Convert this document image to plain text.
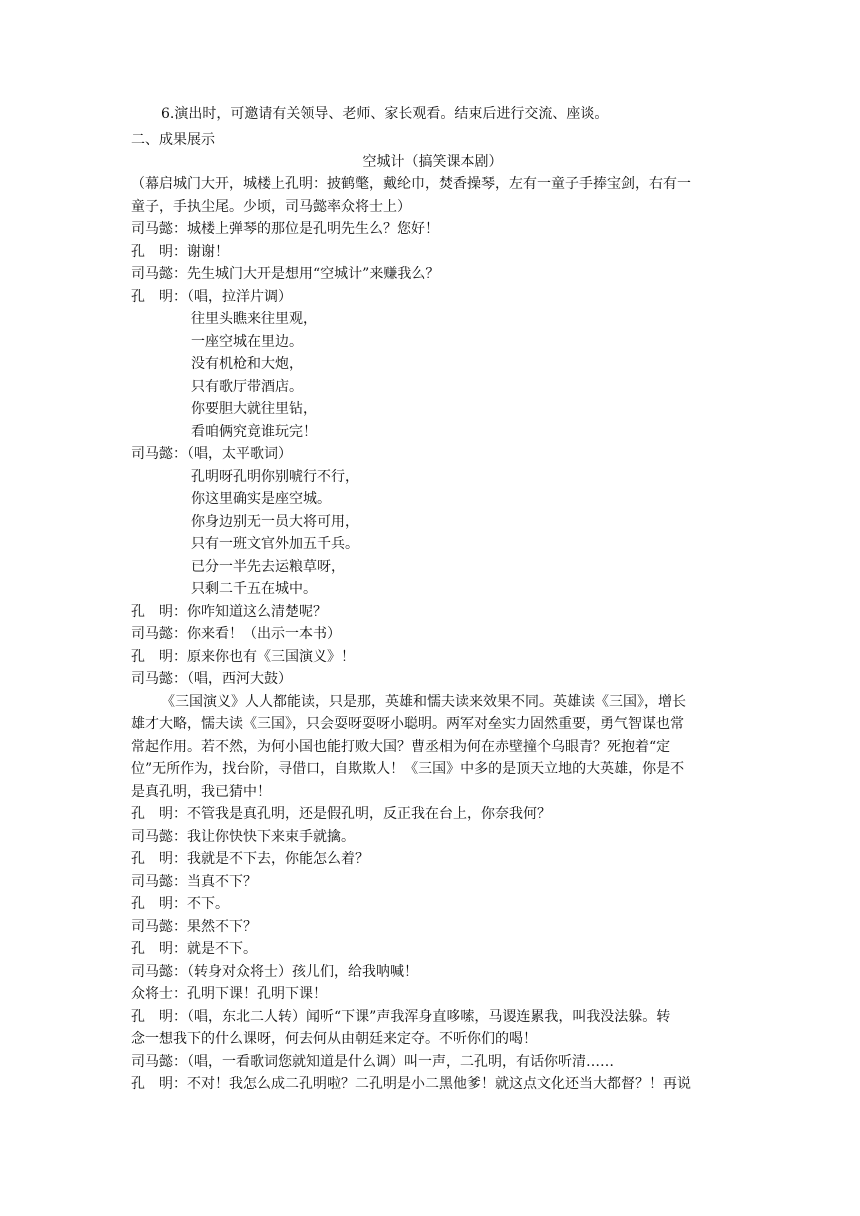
6.演出时，可邀请有关领导、老师、家长观看。结束后进行交流、座谈。
二、成果展示
空城计（搞笑课本剧）
（幕启城门大开，城楼上孔明：披鹤氅，戴纶巾，焚香操琴，左有一童子手捧宝剑，右有一
童子，手执尘尾。少顷，司马懿率众将士上）
司马懿：城楼上弹琴的那位是孔明先生么？您好！
孔　明：谢谢！
司马懿：先生城门大开是想用“空城计”来赚我么？
孔　明：（唱，拉洋片调）
往里头瞧来往里观，
一座空城在里边。
没有机枪和大炮，
只有歌厅带酒店。
你要胆大就往里钻，
看咱俩究竟谁玩完！
司马懿：（唱，太平歌词）
孔明呀孔明你别唬行不行，
你这里确实是座空城。
你身边别无一员大将可用，
只有一班文官外加五千兵。
已分一半先去运粮草呀，
只剩二千五在城中。
孔　明：你咋知道这么清楚呢？
司马懿：你来看！（出示一本书）
孔　明：原来你也有《三国演义》！
司马懿：（唱，西河大鼓）
《三国演义》人人都能读，只是那，英雄和懦夫读来效果不同。英雄读《三国》，增长
雄才大略，懦夫读《三国》，只会耍呀耍呀小聪明。两军对垒实力固然重要，勇气智谋也常
常起作用。若不然，为何小国也能打败大国？曹丞相为何在赤壁撞个乌眼青？死抱着“定
位”无所作为，找台阶，寻借口，自欺欺人！《三国》中多的是顶天立地的大英雄，你是不
是真孔明，我已猜中！
孔　明：不管我是真孔明，还是假孔明，反正我在台上，你奈我何？
司马懿：我让你快快下来束手就擒。
孔　明：我就是不下去，你能怎么着？
司马懿：当真不下？
孔　明：不下。
司马懿：果然不下？
孔　明：就是不下。
司马懿：（转身对众将士）孩儿们，给我呐喊！
众将士：孔明下课！孔明下课！
孔　明：（唱，东北二人转）闻听“下课”声我浑身直哆嗦，马谡连累我，叫我没法躲。转
念一想我下的什么课呀，何去何从由朝廷来定夺。不听你们的喝！
司马懿：（唱，一看歌词您就知道是什么调）叫一声，二孔明，有话你听清……
孔　明：不对！我怎么成二孔明啦？二孔明是小二黑他爹！就这点文化还当大都督？！再说
